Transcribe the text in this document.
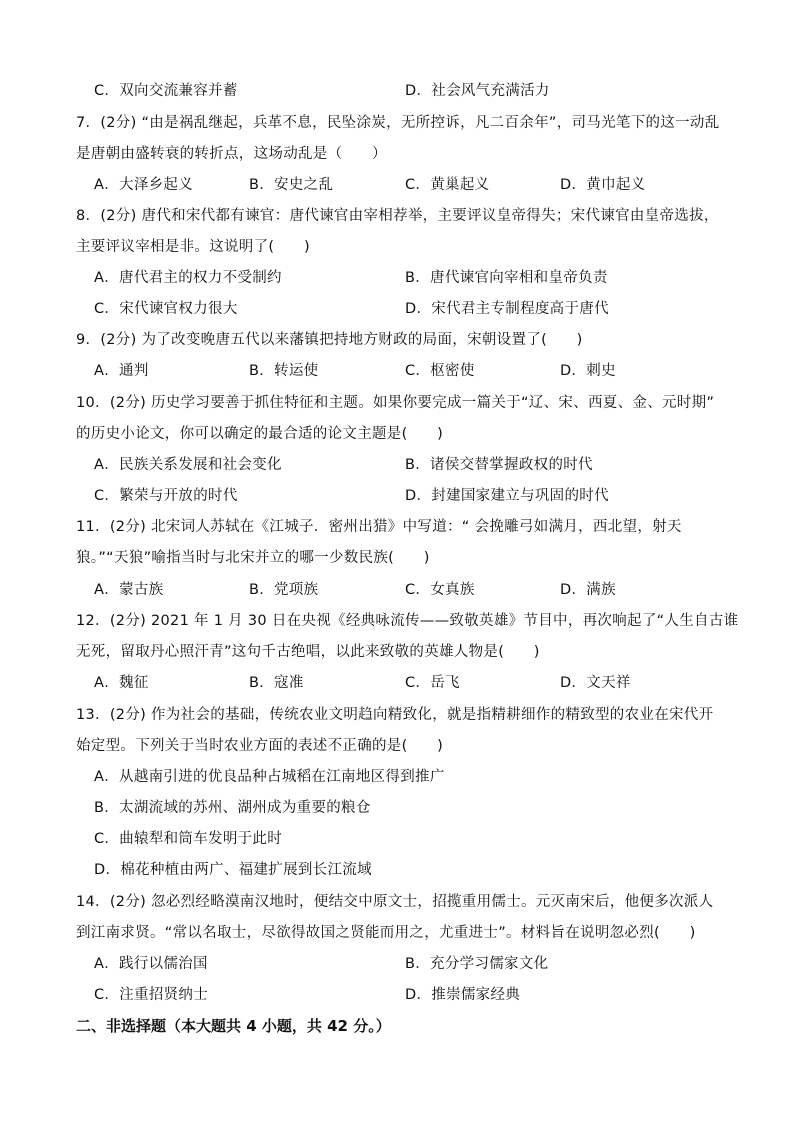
C．双向交流兼容并蓄	D．社会风气充满活力
7．(2分) “由是祸乱继起，兵革不息，民坠涂炭，无所控诉，凡二百余年”，司马光笔下的这一动乱
是唐朝由盛转衰的转折点，这场动乱是（　　）
A．大泽乡起义	B．安史之乱	C．黄巢起义	D．黄巾起义
8．(2分) 唐代和宋代都有谏官：唐代谏官由宰相荐举，主要评议皇帝得失；宋代谏官由皇帝选拔，
主要评议宰相是非。这说明了(　　)
A．唐代君主的权力不受制约	B．唐代谏官向宰相和皇帝负责
C．宋代谏官权力很大	D．宋代君主专制程度高于唐代
9．(2分) 为了改变晚唐五代以来藩镇把持地方财政的局面，宋朝设置了(　　)
A．通判	B．转运使	C．枢密使	D．刺史
10．(2分) 历史学习要善于抓住特征和主题。如果你要完成一篇关于“辽、宋、西夏、金、元时期”
的历史小论文，你可以确定的最合适的论文主题是(　　)
A．民族关系发展和社会变化	B．诸侯交替掌握政权的时代
C．繁荣与开放的时代	D．封建国家建立与巩固的时代
11．(2分) 北宋词人苏轼在《江城子．密州出猎》中写道：“ 会挽雕弓如满月，西北望，射天
狼。”“天狼”喻指当时与北宋并立的哪一少数民族(　　)
A．蒙古族	B．党项族	C．女真族	D．满族
12．(2分) 2021 年 1 月 30 日在央视《经典咏流传——致敬英雄》节目中，再次响起了“人生自古谁
无死，留取丹心照汗青”这句千古绝唱，以此来致敬的英雄人物是(　　)
A．魏征	B．寇准	C．岳飞	D．文天祥
13．(2分) 作为社会的基础，传统农业文明趋向精致化，就是指精耕细作的精致型的农业在宋代开
始定型。下列关于当时农业方面的表述不正确的是(　　)
A．从越南引进的优良品种占城稻在江南地区得到推广
B．太湖流域的苏州、湖州成为重要的粮仓
C．曲辕犁和筒车发明于此时
D．棉花种植由两广、福建扩展到长江流域
14．(2分) 忽必烈经略漠南汉地时，便结交中原文士，招揽重用儒士。元灭南宋后，他便多次派人
到江南求贤。“常以名取士，尽欲得故国之贤能而用之，尤重进士”。材料旨在说明忽必烈(　　)
A．践行以儒治国	B．充分学习儒家文化
C．注重招贤纳士	D．推崇儒家经典
二、非选择题（本大题共 4 小题，共 42 分。）
